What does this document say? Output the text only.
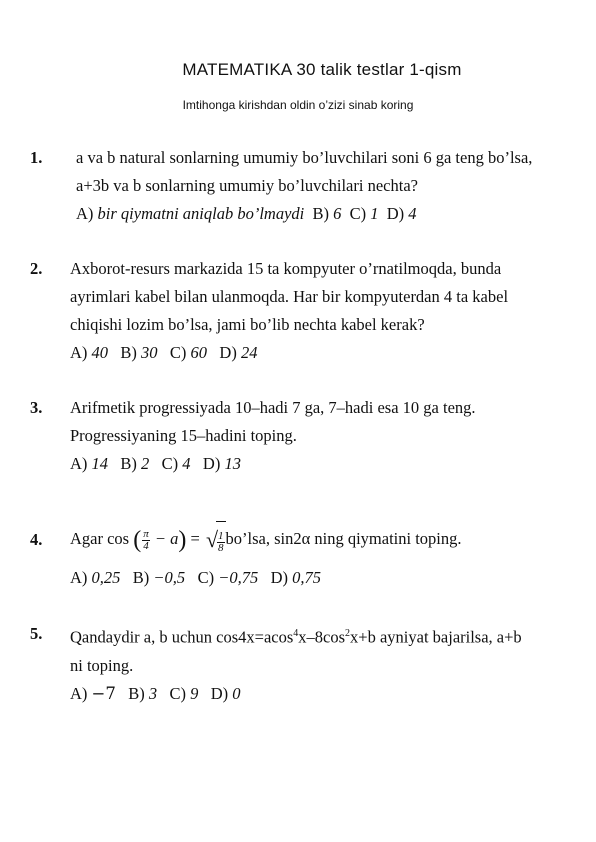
MATEMATIKA 30 talik testlar 1-qism
Imtihonga kirishdan oldin o’zizi sinab koring
1. a va b natural sonlarning umumiy bo’luvchilari soni 6 ga teng bo’lsa,
a+3b va b sonlarning umumiy bo’luvchilari nechta?
A) bir qiymatni aniqlab bo’lmaydi B) 6 C) 1 D) 4
2. Axborot-resurs markazida 15 ta kompyuter o’rnatilmoqda, bunda
ayrimlari kabel bilan ulanmoqda. Har bir kompyuterdan 4 ta kabel
chiqishi lozim bo’lsa, jami bo’lib nechta kabel kerak?
A) 40 B) 30 C) 60 D) 24
3. Arifmetik progressiyada 10–hadi 7 ga, 7–hadi esa 10 ga teng.
Progressiyaning 15–hadini toping.
A) 14 B) 2 C) 4 D) 13
4. Agar cos ( $\frac{\pi}{4} - a$) = √ $\frac{1}{8}$ bo’lsa, sin2α ning qiymatini toping.
A) 0,25 B) −0,5 C) −0,75 D) 0,75
5. Qandaydir a, b uchun $\cos 4x=acos^4x-8\cos^2x+b$ ayniyat bajarilsa, a+b
ni toping.
A) −7 B) 3 C) 9 D) 0
